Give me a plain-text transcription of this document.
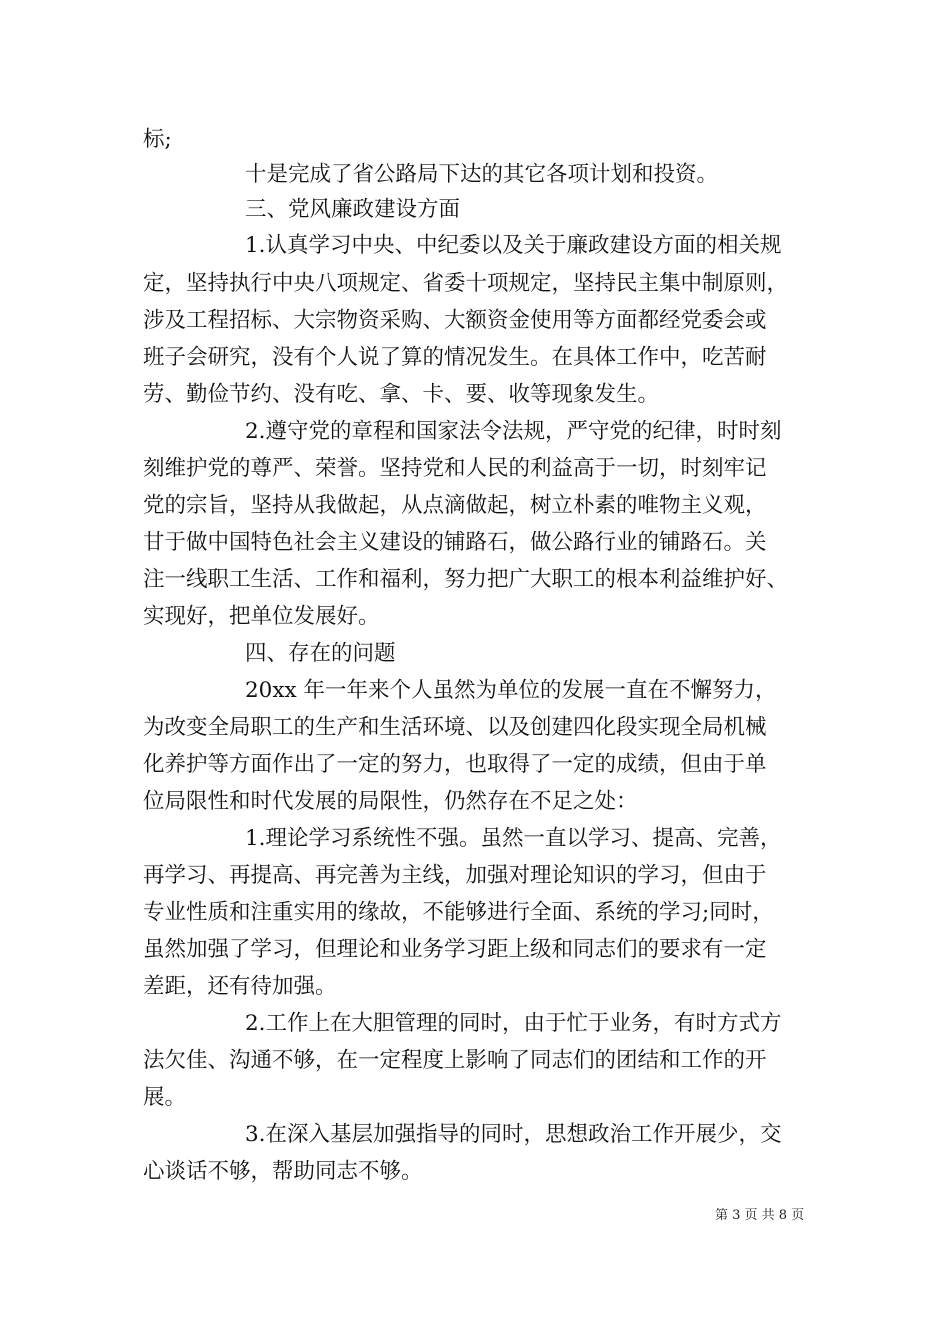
标;
十是完成了省公路局下达的其它各项计划和投资。
三、党风廉政建设方面
1.认真学习中央、中纪委以及关于廉政建设方面的相关规
定，坚持执行中央八项规定、省委十项规定，坚持民主集中制原则，
涉及工程招标、大宗物资采购、大额资金使用等方面都经党委会或
班子会研究，没有个人说了算的情况发生。在具体工作中，吃苦耐
劳、勤俭节约、没有吃、拿、卡、要、收等现象发生。
2.遵守党的章程和国家法令法规，严守党的纪律，时时刻
刻维护党的尊严、荣誉。坚持党和人民的利益高于一切，时刻牢记
党的宗旨，坚持从我做起，从点滴做起，树立朴素的唯物主义观，
甘于做中国特色社会主义建设的铺路石，做公路行业的铺路石。关
注一线职工生活、工作和福利，努力把广大职工的根本利益维护好、
实现好，把单位发展好。
四、存在的问题
20xx 年一年来个人虽然为单位的发展一直在不懈努力，
为改变全局职工的生产和生活环境、以及创建四化段实现全局机械
化养护等方面作出了一定的努力，也取得了一定的成绩，但由于单
位局限性和时代发展的局限性，仍然存在不足之处：
1.理论学习系统性不强。虽然一直以学习、提高、完善，
再学习、再提高、再完善为主线，加强对理论知识的学习，但由于
专业性质和注重实用的缘故，不能够进行全面、系统的学习;同时，
虽然加强了学习，但理论和业务学习距上级和同志们的要求有一定
差距，还有待加强。
2.工作上在大胆管理的同时，由于忙于业务，有时方式方
法欠佳、沟通不够，在一定程度上影响了同志们的团结和工作的开
展。
3.在深入基层加强指导的同时，思想政治工作开展少，交
心谈话不够，帮助同志不够。
第 3 页 共 8 页
